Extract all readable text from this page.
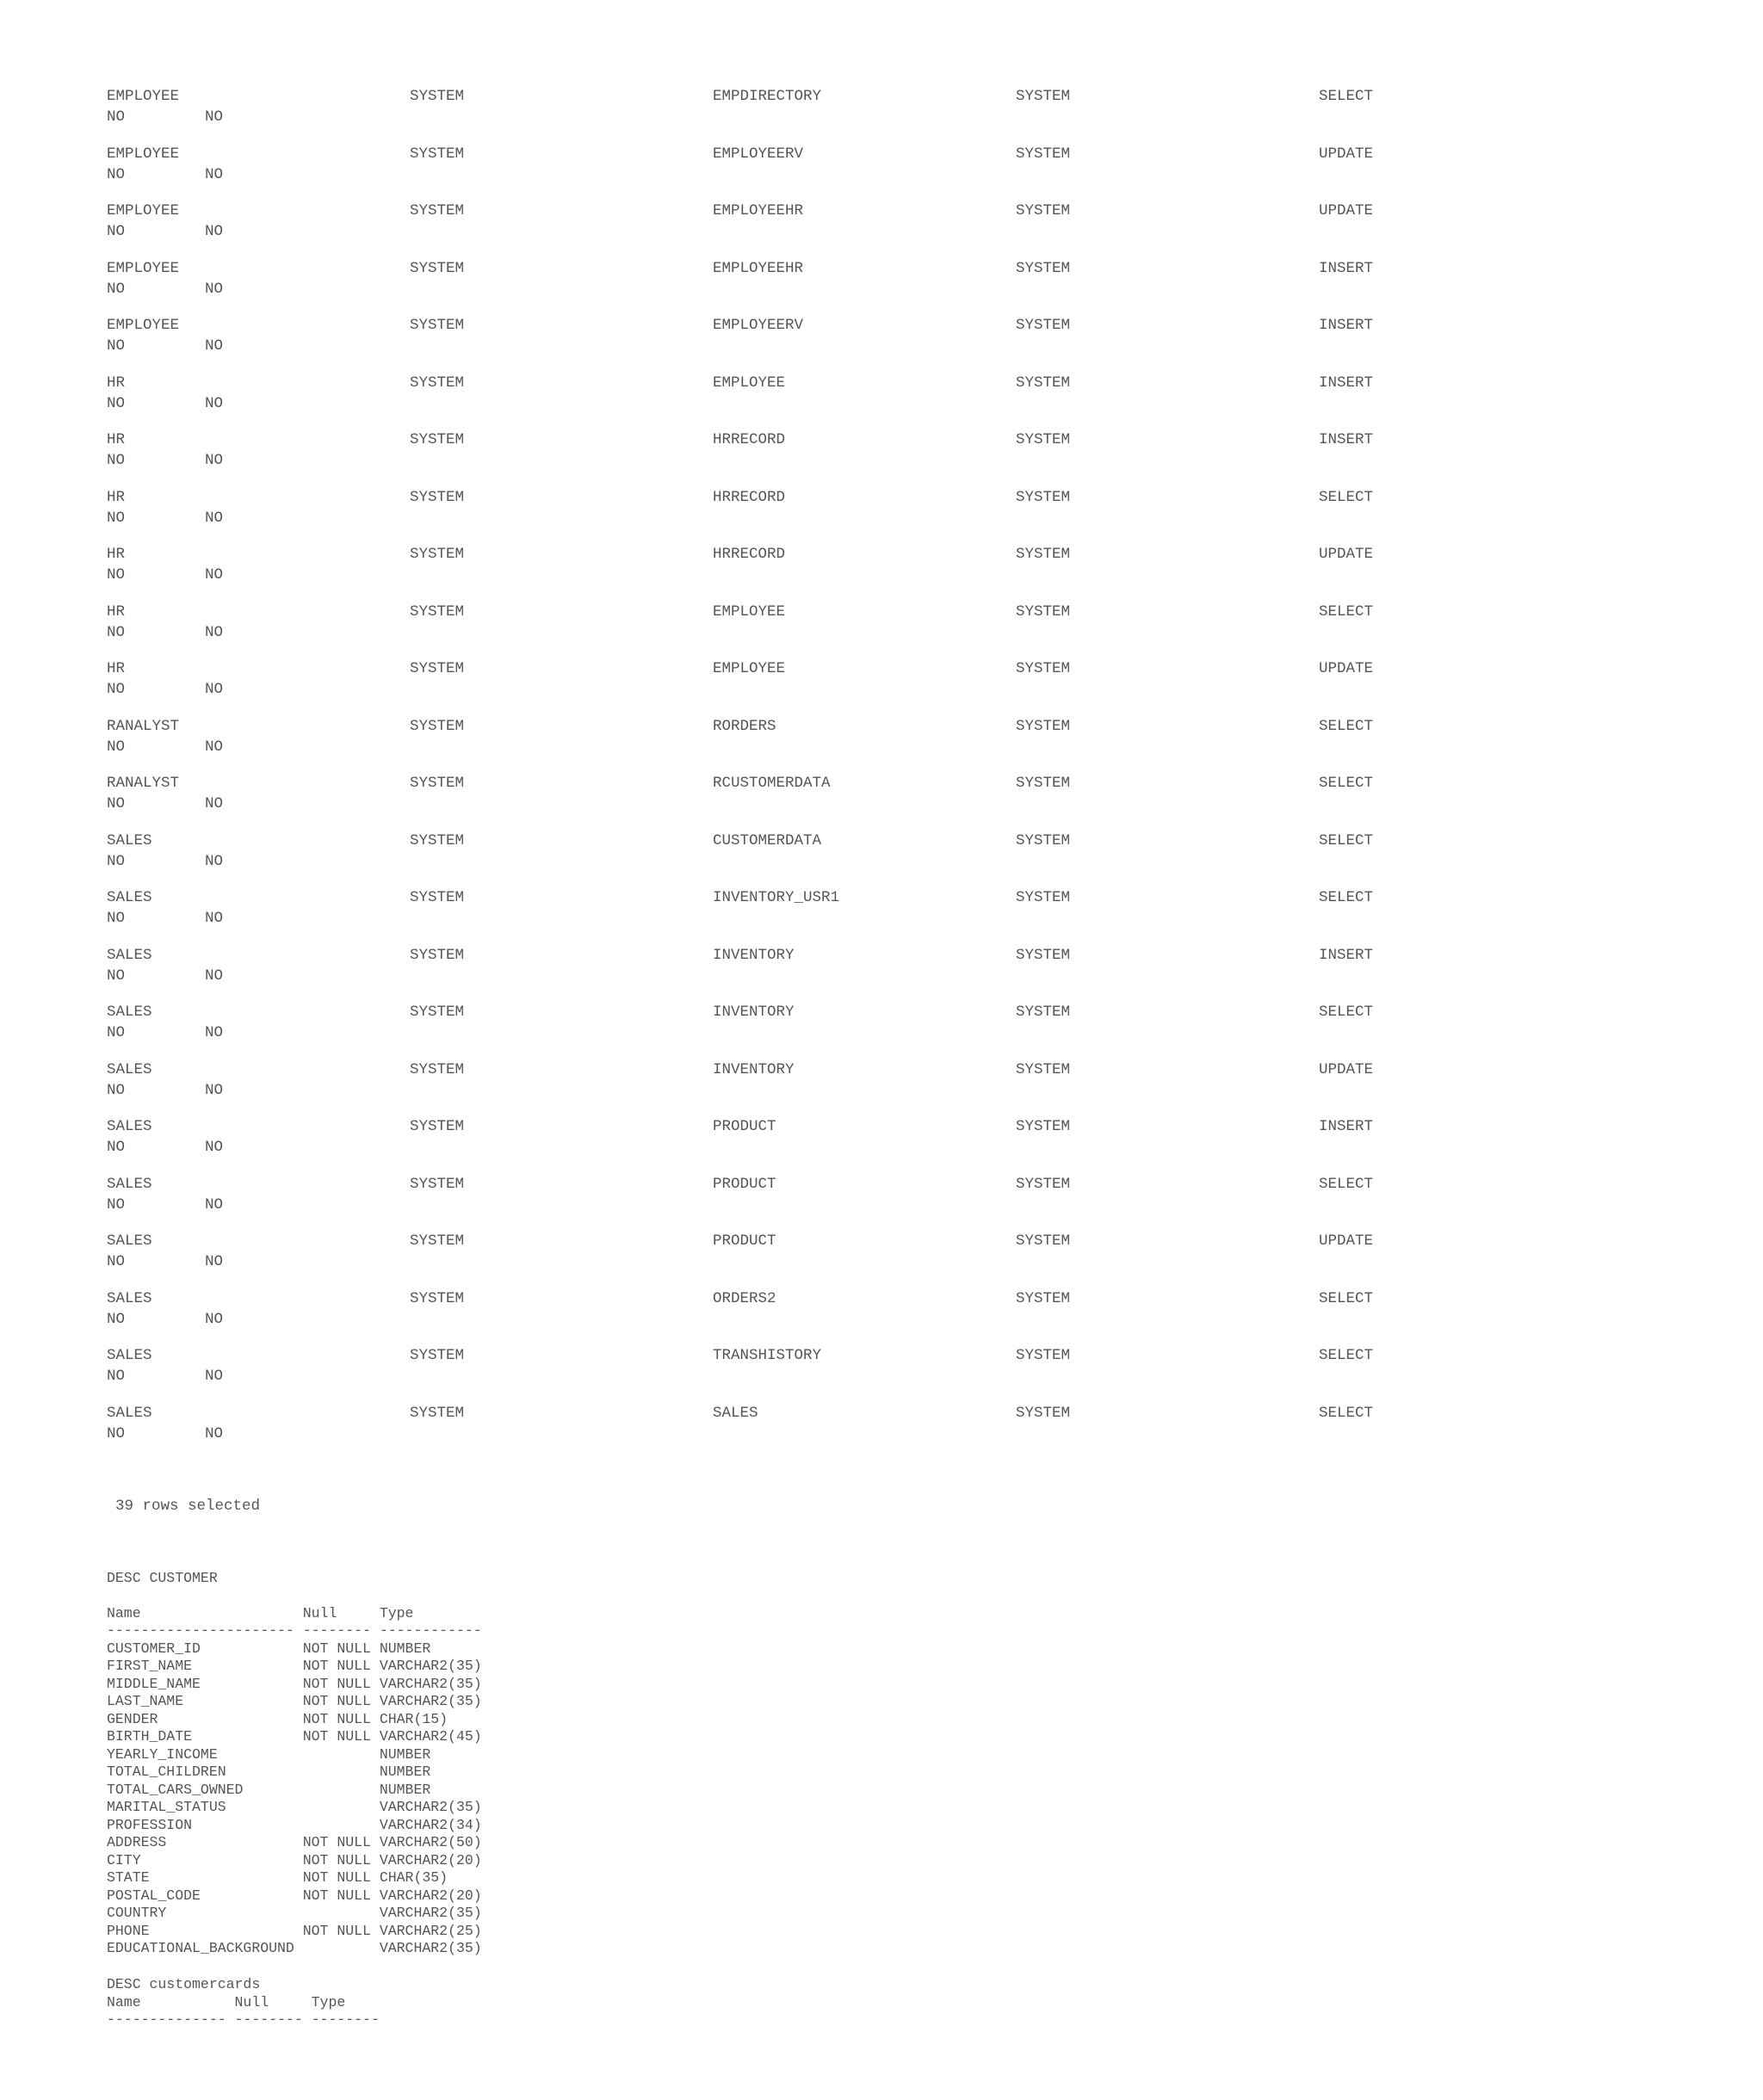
EMPLOYEE	SYSTEM	EMPDIRECTORY	SYSTEM	SELECT
NO	NO
EMPLOYEE	SYSTEM	EMPLOYEERV	SYSTEM	UPDATE
NO	NO
EMPLOYEE	SYSTEM	EMPLOYEEHR	SYSTEM	UPDATE
NO	NO
EMPLOYEE	SYSTEM	EMPLOYEEHR	SYSTEM	INSERT
NO	NO
EMPLOYEE	SYSTEM	EMPLOYEERV	SYSTEM	INSERT
NO	NO
HR	SYSTEM	EMPLOYEE	SYSTEM	INSERT
NO	NO
HR	SYSTEM	HRRECORD	SYSTEM	INSERT
NO	NO
HR	SYSTEM	HRRECORD	SYSTEM	SELECT
NO	NO
HR	SYSTEM	HRRECORD	SYSTEM	UPDATE
NO	NO
HR	SYSTEM	EMPLOYEE	SYSTEM	SELECT
NO	NO
HR	SYSTEM	EMPLOYEE	SYSTEM	UPDATE
NO	NO
RANALYST	SYSTEM	RORDERS	SYSTEM	SELECT
NO	NO
RANALYST	SYSTEM	RCUSTOMERDATA	SYSTEM	SELECT
NO	NO
SALES	SYSTEM	CUSTOMERDATA	SYSTEM	SELECT
NO	NO
SALES	SYSTEM	INVENTORY_USR1	SYSTEM	SELECT
NO	NO
SALES	SYSTEM	INVENTORY	SYSTEM	INSERT
NO	NO
SALES	SYSTEM	INVENTORY	SYSTEM	SELECT
NO	NO
SALES	SYSTEM	INVENTORY	SYSTEM	UPDATE
NO	NO
SALES	SYSTEM	PRODUCT	SYSTEM	INSERT
NO	NO
SALES	SYSTEM	PRODUCT	SYSTEM	SELECT
NO	NO
SALES	SYSTEM	PRODUCT	SYSTEM	UPDATE
NO	NO
SALES	SYSTEM	ORDERS2	SYSTEM	SELECT
NO	NO
SALES	SYSTEM	TRANSHISTORY	SYSTEM	SELECT
NO	NO
SALES	SYSTEM	SALES	SYSTEM	SELECT
NO	NO
39 rows selected
DESC CUSTOMER
Name                   Null     Type
---------------------- -------- ------------
CUSTOMER_ID            NOT NULL NUMBER
FIRST_NAME             NOT NULL VARCHAR2(35)
MIDDLE_NAME            NOT NULL VARCHAR2(35)
LAST_NAME              NOT NULL VARCHAR2(35)
GENDER                 NOT NULL CHAR(15)
BIRTH_DATE             NOT NULL VARCHAR2(45)
YEARLY_INCOME                   NUMBER
TOTAL_CHILDREN                  NUMBER
TOTAL_CARS_OWNED                NUMBER
MARITAL_STATUS                  VARCHAR2(35)
PROFESSION                      VARCHAR2(34)
ADDRESS                NOT NULL VARCHAR2(50)
CITY                   NOT NULL VARCHAR2(20)
STATE                  NOT NULL CHAR(35)
POSTAL_CODE            NOT NULL VARCHAR2(20)
COUNTRY                         VARCHAR2(35)
PHONE                  NOT NULL VARCHAR2(25)
EDUCATIONAL_BACKGROUND          VARCHAR2(35)
DESC customercards
Name           Null     Type
-------------- -------- --------
